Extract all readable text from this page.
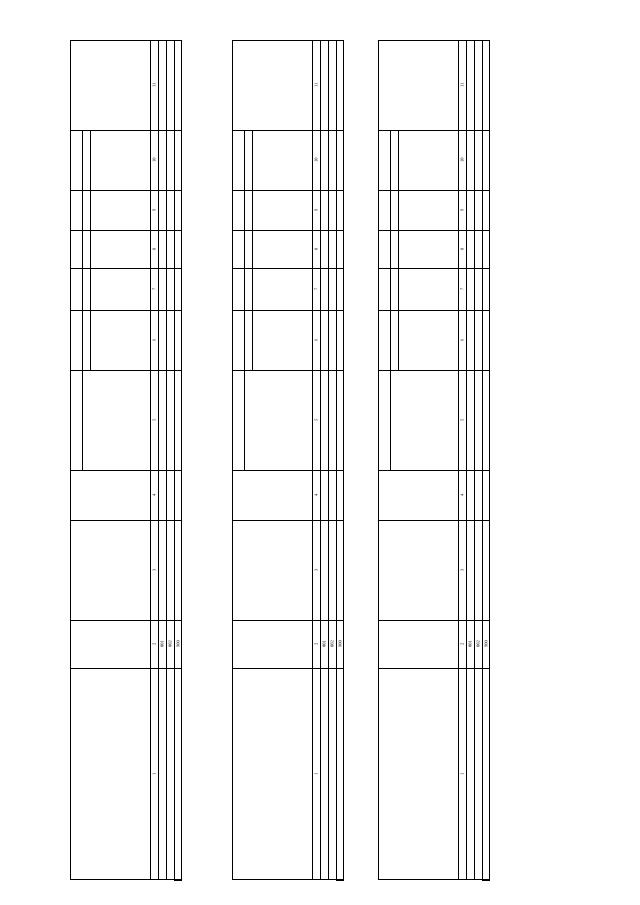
1
2
3
4
5
6
7
8
9
10
11
001 002 900
1
2
3
4
5
6
7
8
9
10
11
001 002 900
1
2
3
4
5
6
7
8
9
10
11
001 002 900
